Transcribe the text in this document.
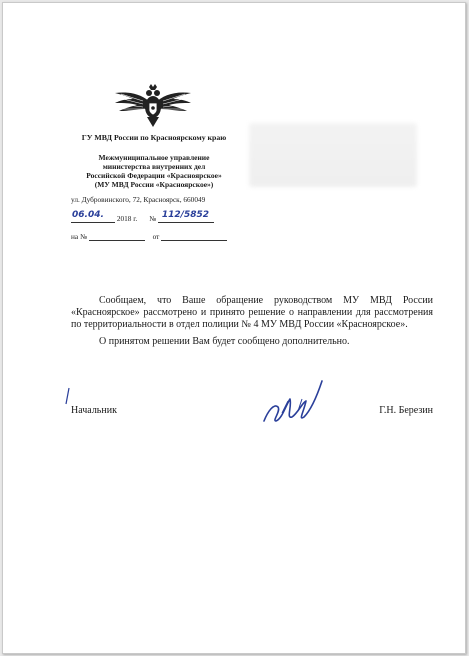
ГУ МВД России по Красноярскому краю
Межмуниципальное управление
министерства внутренних дел
Российской Федерации «Красноярское»
(МУ МВД России «Красноярское»)
ул. Дубровинского, 72, Красноярск, 660049
06.04. 2018 г. № 112/5852
на №	от

Сообщаем, что Ваше обращение руководством МУ МВД России «Красноярское» рассмотрено и принято решение о направлении для рассмотрения по территориальности в отдел полиции № 4 МУ МВД России «Красноярское».

О принятом решении Вам будет сообщено дополнительно.

Начальник	Г.Н. Березин
